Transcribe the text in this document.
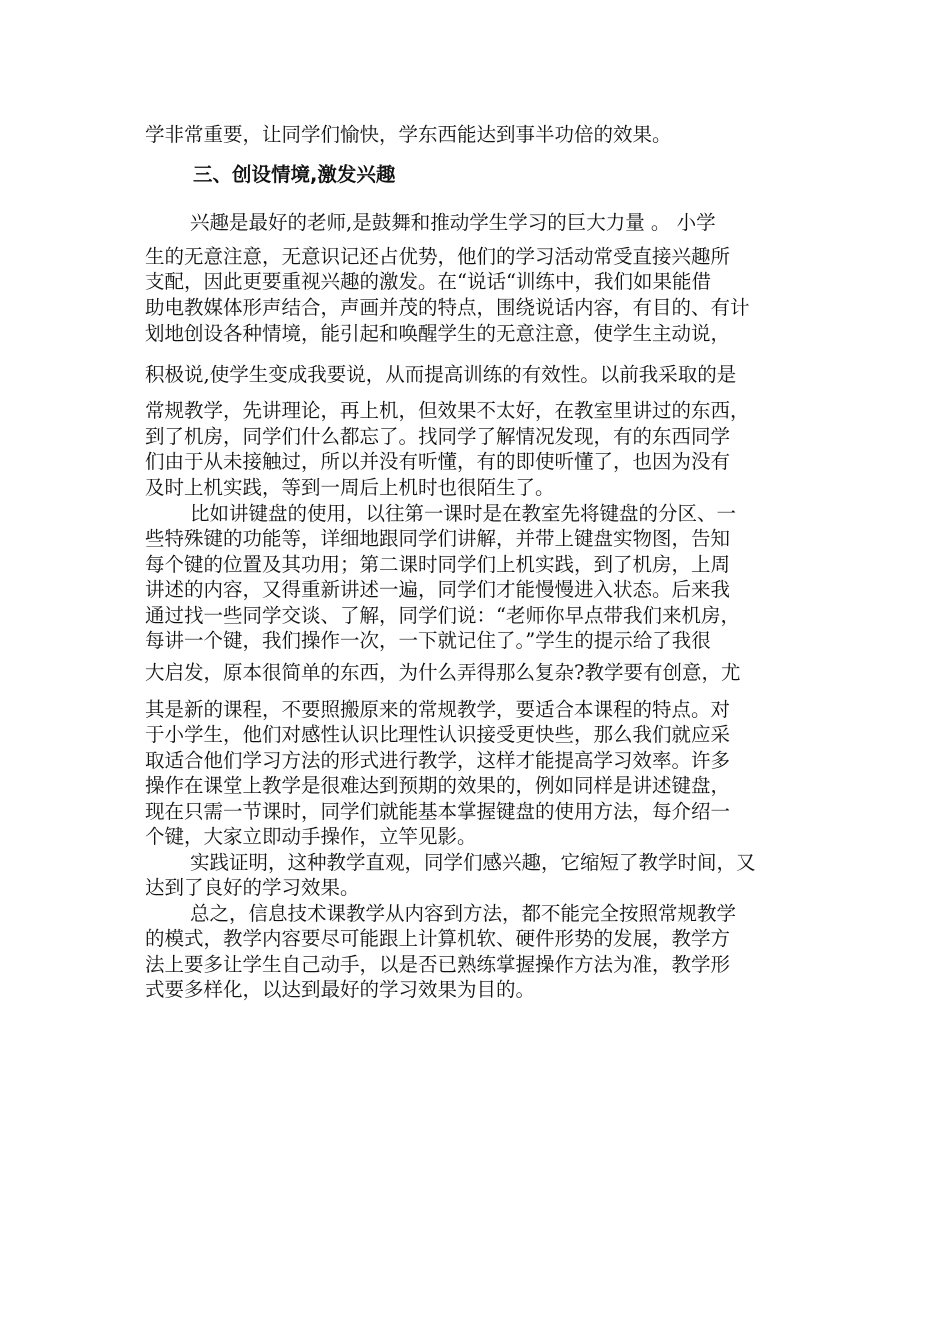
学非常重要，让同学们愉快，学东西能达到事半功倍的效果。
三、创设情境,激发兴趣
兴趣是最好的老师,是鼓舞和推动学生学习的巨大力量 。 小学
生的无意注意，无意识记还占优势，他们的学习活动常受直接兴趣所
支配，因此更要重视兴趣的激发。在“说话“训练中，我们如果能借
助电教媒体形声结合，声画并茂的特点，围绕说话内容，有目的、有计
划地创设各种情境，能引起和唤醒学生的无意注意，使学生主动说，
积极说,使学生变成我要说，从而提高训练的有效性。以前我采取的是
常规教学，先讲理论，再上机，但效果不太好，在教室里讲过的东西，
到了机房，同学们什么都忘了。找同学了解情况发现，有的东西同学
们由于从未接触过，所以并没有听懂，有的即使听懂了，也因为没有
及时上机实践，等到一周后上机时也很陌生了。
比如讲键盘的使用，以往第一课时是在教室先将键盘的分区、一
些特殊键的功能等，详细地跟同学们讲解，并带上键盘实物图，告知
每个键的位置及其功用；第二课时同学们上机实践，到了机房，上周
讲述的内容，又得重新讲述一遍，同学们才能慢慢进入状态。后来我
通过找一些同学交谈、了解，同学们说：“老师你早点带我们来机房，
每讲一个键，我们操作一次，一下就记住了。”学生的提示给了我很
大启发，原本很简单的东西，为什么弄得那么复杂?教学要有创意，尤
其是新的课程，不要照搬原来的常规教学，要适合本课程的特点。对
于小学生，他们对感性认识比理性认识接受更快些，那么我们就应采
取适合他们学习方法的形式进行教学，这样才能提高学习效率。许多
操作在课堂上教学是很难达到预期的效果的，例如同样是讲述键盘，
现在只需一节课时，同学们就能基本掌握键盘的使用方法，每介绍一
个键，大家立即动手操作，立竿见影。
实践证明，这种教学直观，同学们感兴趣，它缩短了教学时间，又
达到了良好的学习效果。
总之，信息技术课教学从内容到方法，都不能完全按照常规教学
的模式，教学内容要尽可能跟上计算机软、硬件形势的发展，教学方
法上要多让学生自己动手，以是否已熟练掌握操作方法为准，教学形
式要多样化，以达到最好的学习效果为目的。
